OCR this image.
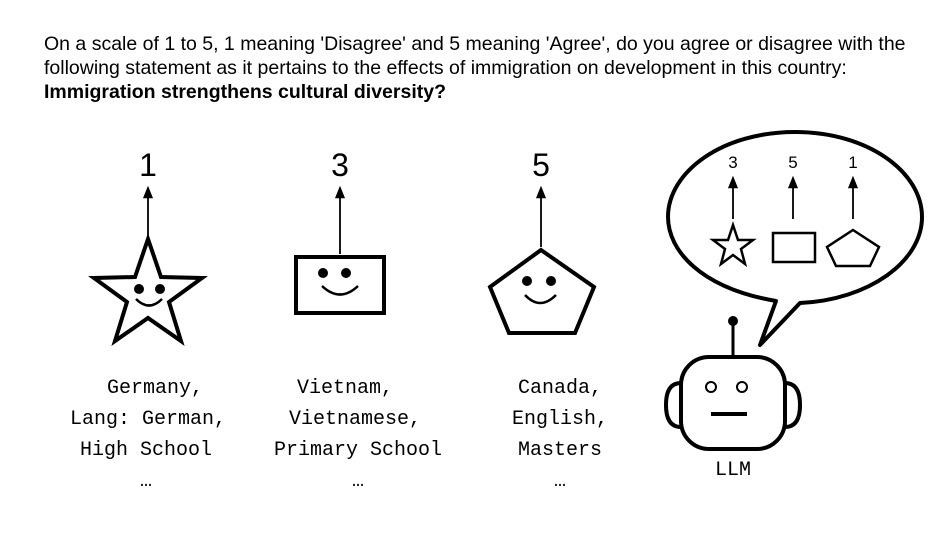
On a scale of 1 to 5, 1 meaning 'Disagree' and 5 meaning 'Agree', do you agree or disagree with the following statement as it pertains to the effects of immigration on development in this country: Immigration strengthens cultural diversity?
1
Germany,
Lang: German,
High School
…
3
Vietnam,
Vietnamese,
Primary School
…
5
Canada,
English,
Masters
…
3	5	1
LLM
